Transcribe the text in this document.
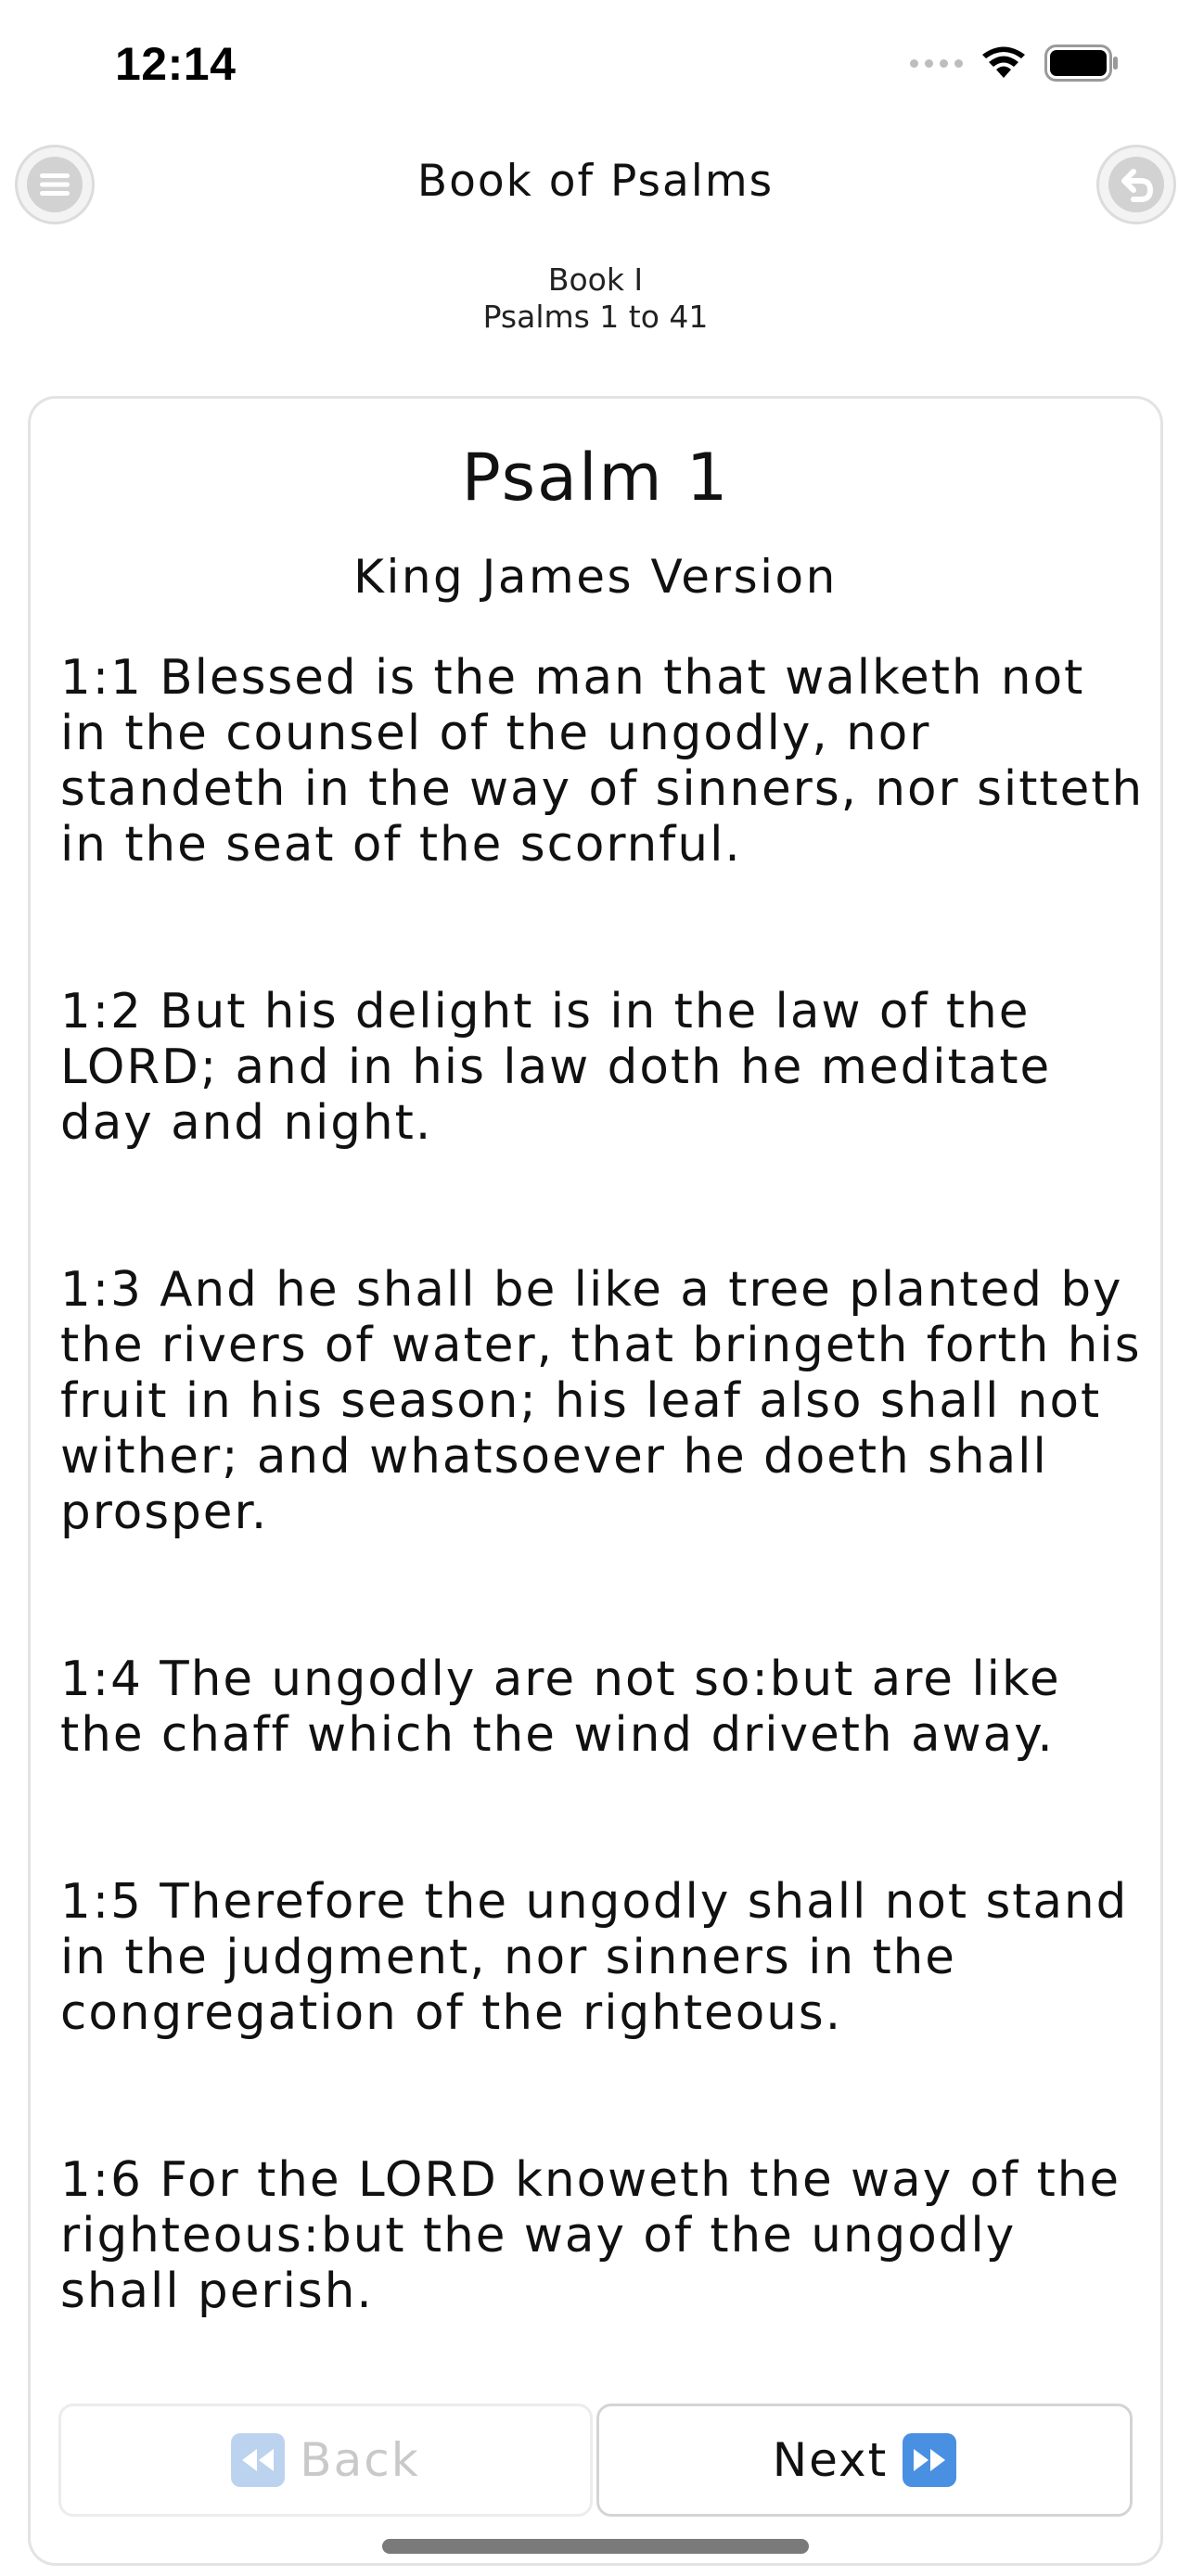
12:14
Book of Psalms
Book I
Psalms 1 to 41
Psalm 1
King James Version

1:1 Blessed is the man that walketh not in the counsel of the ungodly, nor standeth in the way of sinners, nor sitteth in the seat of the scornful.

1:2 But his delight is in the law of the LORD; and in his law doth he meditate day and night.

1:3 And he shall be like a tree planted by the rivers of water, that bringeth forth his fruit in his season; his leaf also shall not wither; and whatsoever he doeth shall prosper.

1:4 The ungodly are not so:but are like the chaff which the wind driveth away.

1:5 Therefore the ungodly shall not stand in the judgment, nor sinners in the congregation of the righteous.

1:6 For the LORD knoweth the way of the righteous:but the way of the ungodly shall perish.

Back	Next
